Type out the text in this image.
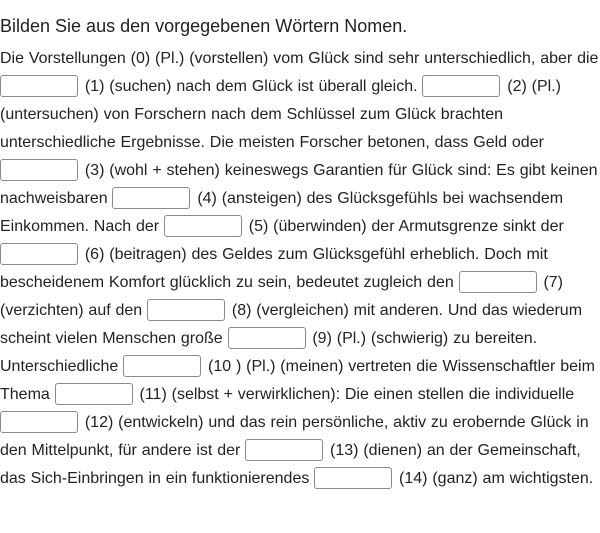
Bilden Sie aus den vorgegebenen Wörtern Nomen.

Die Vorstellungen (0) (Pl.) (vorstellen) vom Glück sind sehr unterschiedlich, aber die (1) (suchen) nach dem Glück ist überall gleich.	(2) (Pl.) (untersuchen) von Forschern nach dem Schlüssel zum Glück brachten unterschiedliche Ergebnisse. Die meisten Forscher betonen, dass Geld oder  (3) (wohl + stehen) keineswegs Garantien für Glück sind: Es gibt keinen nachweisbaren	(4) (ansteigen) des Glücksgefühls bei wachsendem Einkommen. Nach der	(5) (überwinden) der Armutsgrenze sinkt der  (6) (beitragen) des Geldes zum Glücksgefühl erheblich. Doch mit bescheidenem Komfort glücklich zu sein, bedeutet zugleich den	(7) (verzichten) auf den	(8) (vergleichen) mit anderen. Und das wiederum scheint vielen Menschen große	(9) (Pl.) (schwierig) zu bereiten. Unterschiedliche	(10 ) (Pl.) (meinen) vertreten die Wissenschaftler beim Thema	(11) (selbst + verwirklichen): Die einen stellen die individuelle  (12) (entwickeln) und das rein persönliche, aktiv zu erobernde Glück in den Mittelpunkt, für andere ist der	(13) (dienen) an der Gemeinschaft, das Sich-Einbringen in ein funktionierendes	(14) (ganz) am wichtigsten.
